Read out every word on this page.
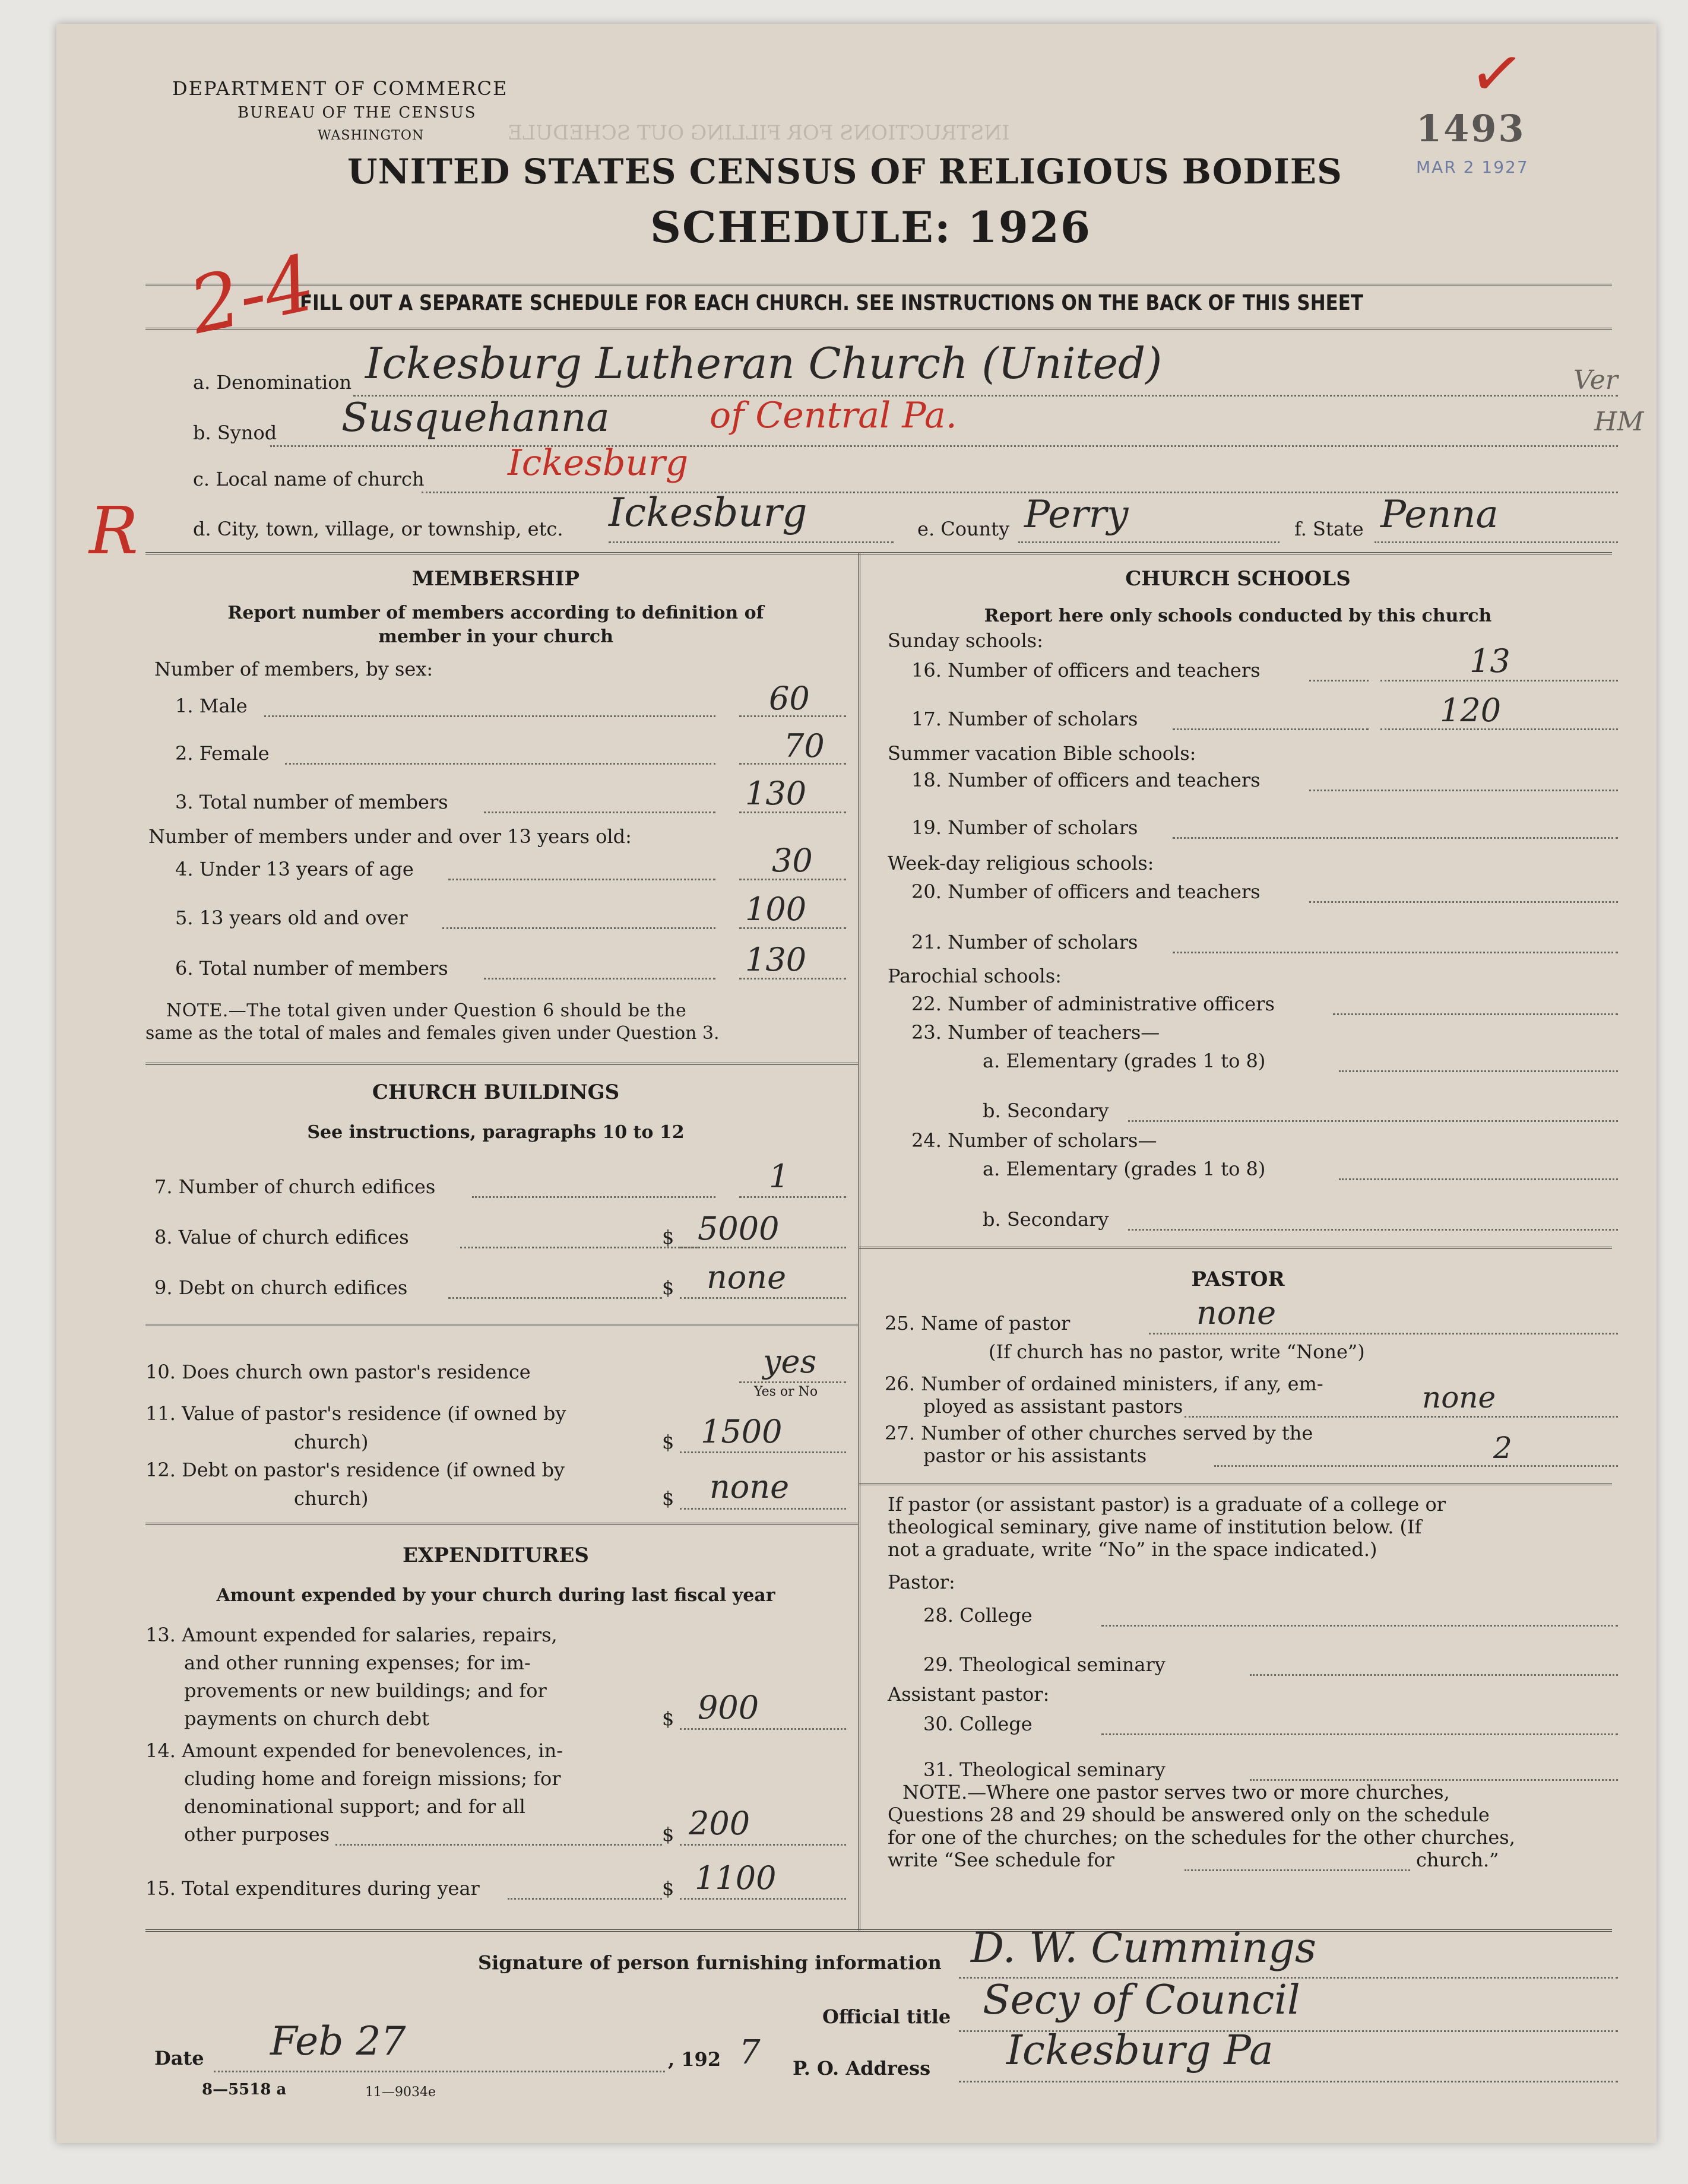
INSTRUCTIONS FOR FILLING OUT SCHEDULE
DEPARTMENT OF COMMERCE
BUREAU OF THE CENSUS
WASHINGTON
UNITED STATES CENSUS OF RELIGIOUS BODIES
SCHEDULE: 1926
FILL OUT A SEPARATE SCHEDULE FOR EACH CHURCH. SEE INSTRUCTIONS ON THE BACK OF THIS SHEET
1493
MAR 2 1927
✓
2-4
R
Ver
HM
a. Denomination Ickesburg Lutheran Church (United)
b. Synod Susquehanna	of Central Pa.
c. Local name of church Ickesburg
d. City, town, village, or township, etc. Ickesburg	e. County Perry	f. State Penna
MEMBERSHIP
Report number of members according to definition of
member in your church
Number of members, by sex:
1. Male	60
2. Female	70
3. Total number of members	130
Number of members under and over 13 years old:
4. Under 13 years of age	30
5. 13 years old and over	100
6. Total number of members	130
NOTE.—The total given under Question 6 should be the
same as the total of males and females given under Question 3.
CHURCH BUILDINGS
See instructions, paragraphs 10 to 12
7. Number of church edifices	1
8. Value of church edifices	$ 5000
9. Debt on church edifices	$ none
10. Does church own pastor's residence	yes
Yes or No
11. Value of pastor's residence (if owned by
church)	$ 1500
12. Debt on pastor's residence (if owned by
church)	$ none
EXPENDITURES
Amount expended by your church during last fiscal year
13. Amount expended for salaries, repairs,
and other running expenses; for im-
provements or new buildings; and for
payments on church debt	$ 900
14. Amount expended for benevolences, in-
cluding home and foreign missions; for
denominational support; and for all
other purposes	$ 200
15. Total expenditures during year	$ 1100
CHURCH SCHOOLS
Report here only schools conducted by this church
Sunday schools:
16. Number of officers and teachers	13
17. Number of scholars	120
Summer vacation Bible schools:
18. Number of officers and teachers
19. Number of scholars
Week-day religious schools:
20. Number of officers and teachers
21. Number of scholars
Parochial schools:
22. Number of administrative officers
23. Number of teachers—
a. Elementary (grades 1 to 8)
b. Secondary
24. Number of scholars—
a. Elementary (grades 1 to 8)
b. Secondary
PASTOR
25. Name of pastor	none
(If church has no pastor, write “None”)
26. Number of ordained ministers, if any, em-
ployed as assistant pastors	none
27. Number of other churches served by the
pastor or his assistants	2
If pastor (or assistant pastor) is a graduate of a college or
theological seminary, give name of institution below. (If
not a graduate, write “No” in the space indicated.)
Pastor:
28. College
29. Theological seminary
Assistant pastor:
30. College
31. Theological seminary
NOTE.—Where one pastor serves two or more churches,
Questions 28 and 29 should be answered only on the schedule
for one of the churches; on the schedules for the other churches,
write “See schedule for	church.”
Signature of person furnishing information D. W. Cummings
Official title Secy of Council
Date Feb 27	, 192 7 P. O. Address Ickesburg Pa
8—5518 a	11—9034e
